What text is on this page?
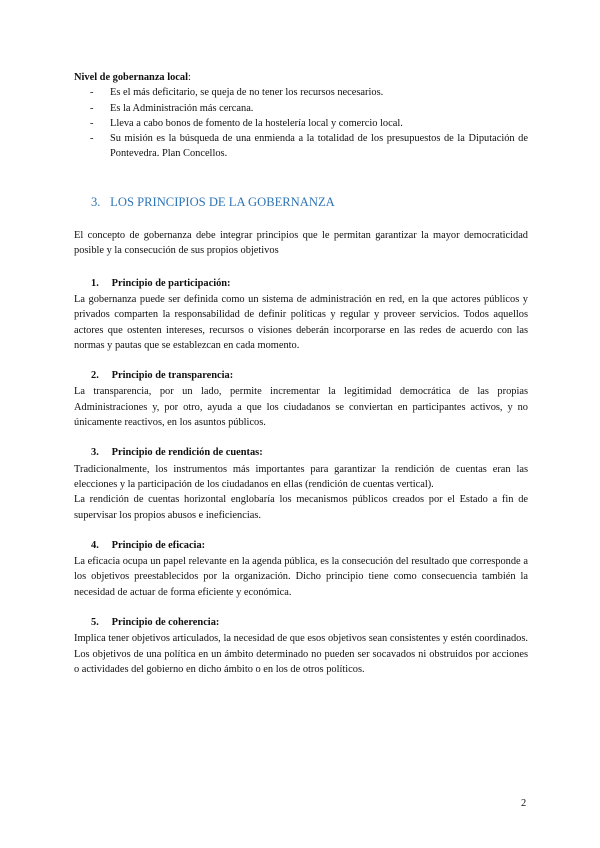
Nivel de gobernanza local:
- Es el más deficitario, se queja de no tener los recursos necesarios.
- Es la Administración más cercana.
- Lleva a cabo bonos de fomento de la hostelería local y comercio local.
- Su misión es la búsqueda de una enmienda a la totalidad de los presupuestos de la Diputación de Pontevedra. Plan Concellos.
3. LOS PRINCIPIOS DE LA GOBERNANZA

El concepto de gobernanza debe integrar principios que le permitan garantizar la mayor democraticidad posible y la consecución de sus propios objetivos

1. Principio de participación:

La gobernanza puede ser definida como un sistema de administración en red, en la que actores públicos y privados comparten la responsabilidad de definir políticas y regular y proveer servicios. Todos aquellos actores que ostenten intereses, recursos o visiones deberán incorporarse en las redes de acuerdo con las normas y pautas que se establezcan en cada momento.

2. Principio de transparencia:

La transparencia, por un lado, permite incrementar la legitimidad democrática de las propias Administraciones y, por otro, ayuda a que los ciudadanos se conviertan en participantes activos, y no únicamente reactivos, en los asuntos públicos.

3. Principio de rendición de cuentas:

Tradicionalmente, los instrumentos más importantes para garantizar la rendición de cuentas eran las elecciones y la participación de los ciudadanos en ellas (rendición de cuentas vertical).

La rendición de cuentas horizontal englobaría los mecanismos públicos creados por el Estado a fin de supervisar los propios abusos e ineficiencias.

4. Principio de eficacia:

La eficacia ocupa un papel relevante en la agenda pública, es la consecución del resultado que corresponde a los objetivos preestablecidos por la organización. Dicho principio tiene como consecuencia también la necesidad de actuar de forma eficiente y económica.

5. Principio de coherencia:

Implica tener objetivos articulados, la necesidad de que esos objetivos sean consistentes y estén coordinados. Los objetivos de una política en un ámbito determinado no pueden ser socavados ni obstruidos por acciones o actividades del gobierno en dicho ámbito o en los de otros políticos.

2
